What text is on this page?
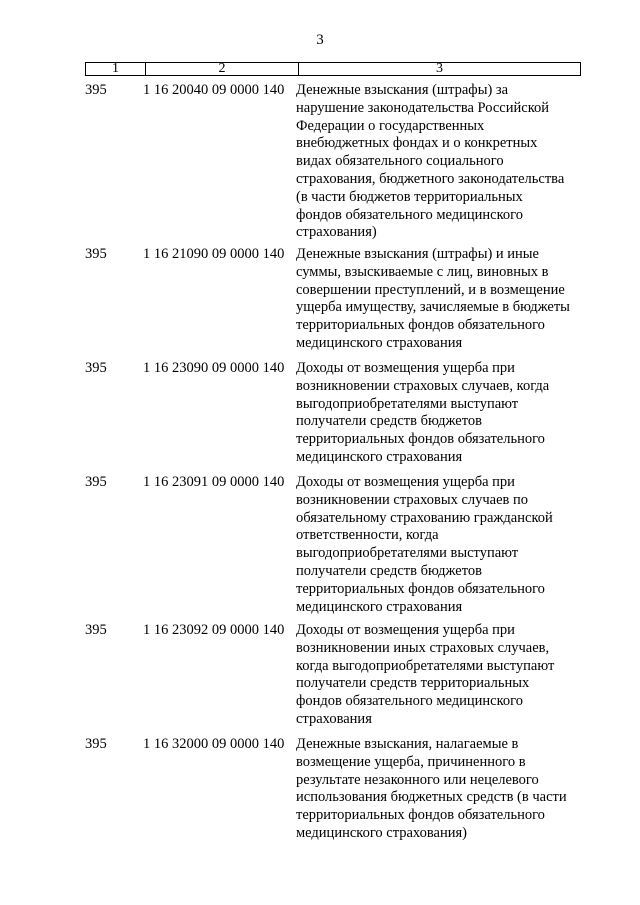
3
1	2	3
395	1 16 20040 09 0000 140 Денежные взыскания (штрафы) за
нарушение законодательства Российской
Федерации о государственных
внебюджетных фондах и о конкретных
видах обязательного социального
страхования, бюджетного законодательства
(в части бюджетов территориальных
фондов обязательного медицинского
страхования)
395	1 16 21090 09 0000 140 Денежные взыскания (штрафы) и иные
суммы, взыскиваемые с лиц, виновных в
совершении преступлений, и в возмещение
ущерба имуществу, зачисляемые в бюджеты
территориальных фондов обязательного
медицинского страхования
395	1 16 23090 09 0000 140 Доходы от возмещения ущерба при
возникновении страховых случаев, когда
выгодоприобретателями выступают
получатели средств бюджетов
территориальных фондов обязательного
медицинского страхования
395	1 16 23091 09 0000 140 Доходы от возмещения ущерба при
возникновении страховых случаев по
обязательному страхованию гражданской
ответственности, когда
выгодоприобретателями выступают
получатели средств бюджетов
территориальных фондов обязательного
медицинского страхования
395	1 16 23092 09 0000 140 Доходы от возмещения ущерба при
возникновении иных страховых случаев,
когда выгодоприобретателями выступают
получатели средств территориальных
фондов обязательного медицинского
страхования
395	1 16 32000 09 0000 140 Денежные взыскания, налагаемые в
возмещение ущерба, причиненного в
результате незаконного или нецелевого
использования бюджетных средств (в части
территориальных фондов обязательного
медицинского страхования)
